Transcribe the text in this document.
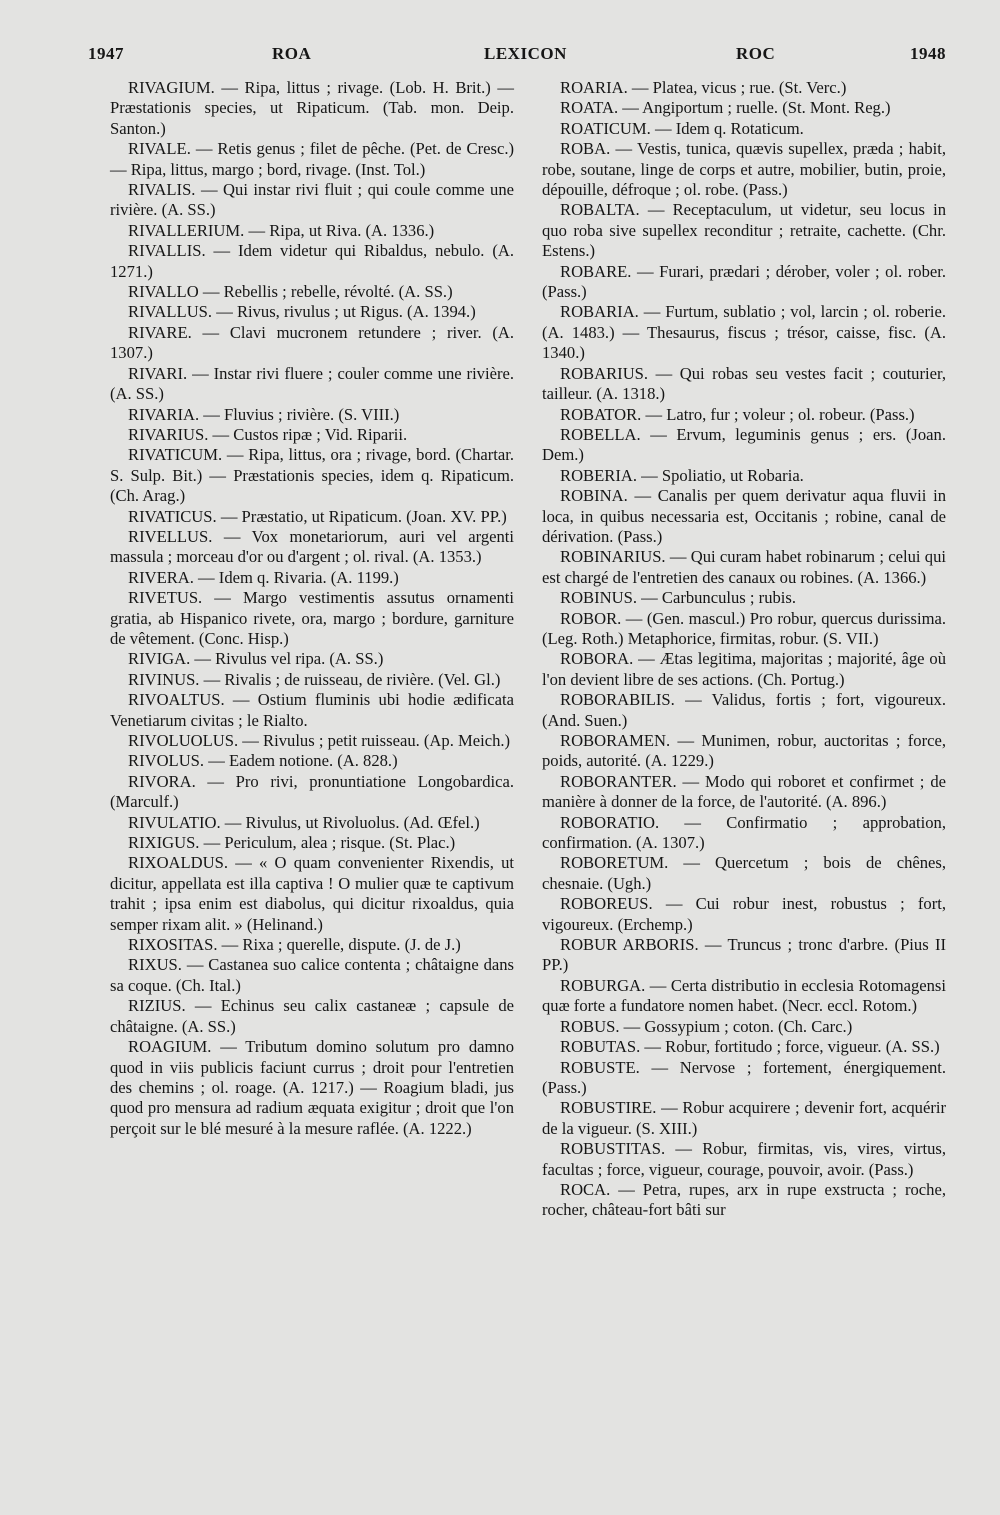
1947	ROA	LEXICON	ROC	1948

RIVAGIUM. — Ripa, littus ; rivage. (Lob. H. Brit.) — Præstationis species, ut Ripaticum. (Tab. mon. Deip. Santon.)

RIVALE. — Retis genus ; filet de pêche. (Pet. de Cresc.) — Ripa, littus, margo ; bord, rivage. (Inst. Tol.)

RIVALIS. — Qui instar rivi fluit ; qui coule comme une rivière. (A. SS.)

RIVALLERIUM. — Ripa, ut Riva. (A. 1336.)

RIVALLIS. — Idem videtur qui Ribaldus, nebulo. (A. 1271.)

RIVALLO — Rebellis ; rebelle, révolté. (A. SS.)

RIVALLUS. — Rivus, rivulus ; ut Rigus. (A. 1394.)

RIVARE. — Clavi mucronem retundere ; river. (A. 1307.)

RIVARI. — Instar rivi fluere ; couler comme une rivière. (A. SS.)

RIVARIA. — Fluvius ; rivière. (S. VIII.)

RIVARIUS. — Custos ripæ ; Vid. Riparii.

RIVATICUM. — Ripa, littus, ora ; rivage, bord. (Chartar. S. Sulp. Bit.) — Præstationis species, idem q. Ripaticum. (Ch. Arag.)

RIVATICUS. — Præstatio, ut Ripaticum. (Joan. XV. PP.)

RIVELLUS. — Vox monetariorum, auri vel argenti massula ; morceau d'or ou d'argent ; ol. rival. (A. 1353.)

RIVERA. — Idem q. Rivaria. (A. 1199.)

RIVETUS. — Margo vestimentis assutus ornamenti gratia, ab Hispanico rivete, ora, margo ; bordure, garniture de vêtement. (Conc. Hisp.)

RIVIGA. — Rivulus vel ripa. (A. SS.)

RIVINUS. — Rivalis ; de ruisseau, de rivière. (Vel. Gl.)

RIVOALTUS. — Ostium fluminis ubi hodie ædificata Venetiarum civitas ; le Rialto.

RIVOLUOLUS. — Rivulus ; petit ruisseau. (Ap. Meich.)

RIVOLUS. — Eadem notione. (A. 828.)

RIVORA. — Pro rivi, pronuntiatione Longobardica. (Marculf.)

RIVULATIO. — Rivulus, ut Rivoluolus. (Ad. Œfel.)

RIXIGUS. — Periculum, alea ; risque. (St. Plac.)

RIXOALDUS. — « O quam convenienter Rixendis, ut dicitur, appellata est illa captiva ! O mulier quæ te captivum trahit ; ipsa enim est diabolus, qui dicitur rixoaldus, quia semper rixam alit. » (Helinand.)

RIXOSITAS. — Rixa ; querelle, dispute. (J. de J.)

RIXUS. — Castanea suo calice contenta ; châtaigne dans sa coque. (Ch. Ital.)

RIZIUS. — Echinus seu calix castaneæ ; capsule de châtaigne. (A. SS.)

ROAGIUM. — Tributum domino solutum pro damno quod in viis publicis faciunt currus ; droit pour l'entretien des chemins ; ol. roage. (A. 1217.) — Roagium bladi, jus quod pro mensura ad radium æquata exigitur ; droit que l'on perçoit sur le blé mesuré à la mesure raflée. (A. 1222.)

ROARIA. — Platea, vicus ; rue. (St. Verc.)

ROATA. — Angiportum ; ruelle. (St. Mont. Reg.)

ROATICUM. — Idem q. Rotaticum.

ROBA. — Vestis, tunica, quævis supellex, præda ; habit, robe, soutane, linge de corps et autre, mobilier, butin, proie, dépouille, défroque ; ol. robe. (Pass.)

ROBALTA. — Receptaculum, ut videtur, seu locus in quo roba sive supellex reconditur ; retraite, cachette. (Chr. Estens.)

ROBARE. — Furari, prædari ; dérober, voler ; ol. rober. (Pass.)

ROBARIA. — Furtum, sublatio ; vol, larcin ; ol. roberie. (A. 1483.) — Thesaurus, fiscus ; trésor, caisse, fisc. (A. 1340.)

ROBARIUS. — Qui robas seu vestes facit ; couturier, tailleur. (A. 1318.)

ROBATOR. — Latro, fur ; voleur ; ol. robeur. (Pass.)

ROBELLA. — Ervum, leguminis genus ; ers. (Joan. Dem.)

ROBERIA. — Spoliatio, ut Robaria.

ROBINA. — Canalis per quem derivatur aqua fluvii in loca, in quibus necessaria est, Occitanis ; robine, canal de dérivation. (Pass.)

ROBINARIUS. — Qui curam habet robinarum ; celui qui est chargé de l'entretien des canaux ou robines. (A. 1366.)

ROBINUS. — Carbunculus ; rubis.

ROBOR. — (Gen. mascul.) Pro robur, quercus durissima. (Leg. Roth.) Metaphorice, firmitas, robur. (S. VII.)

ROBORA. — Ætas legitima, majoritas ; majorité, âge où l'on devient libre de ses actions. (Ch. Portug.)

ROBORABILIS. — Validus, fortis ; fort, vigoureux. (And. Suen.)

ROBORAMEN. — Munimen, robur, auctoritas ; force, poids, autorité. (A. 1229.)

ROBORANTER. — Modo qui roboret et confirmet ; de manière à donner de la force, de l'autorité. (A. 896.)

ROBORATIO. — Confirmatio ; approbation, confirmation. (A. 1307.)

ROBORETUM. — Quercetum ; bois de chênes, chesnaie. (Ugh.)

ROBOREUS. — Cui robur inest, robustus ; fort, vigoureux. (Erchemp.)

ROBUR ARBORIS. — Truncus ; tronc d'arbre. (Pius II PP.)

ROBURGA. — Certa distributio in ecclesia Rotomagensi quæ forte a fundatore nomen habet. (Necr. eccl. Rotom.)

ROBUS. — Gossypium ; coton. (Ch. Carc.)

ROBUTAS. — Robur, fortitudo ; force, vigueur. (A. SS.)

ROBUSTE. — Nervose ; fortement, énergiquement. (Pass.)

ROBUSTIRE. — Robur acquirere ; devenir fort, acquérir de la vigueur. (S. XIII.)

ROBUSTITAS. — Robur, firmitas, vis, vires, virtus, facultas ; force, vigueur, courage, pouvoir, avoir. (Pass.)

ROCA. — Petra, rupes, arx in rupe exstructa ; roche, rocher, château-fort bâti sur
